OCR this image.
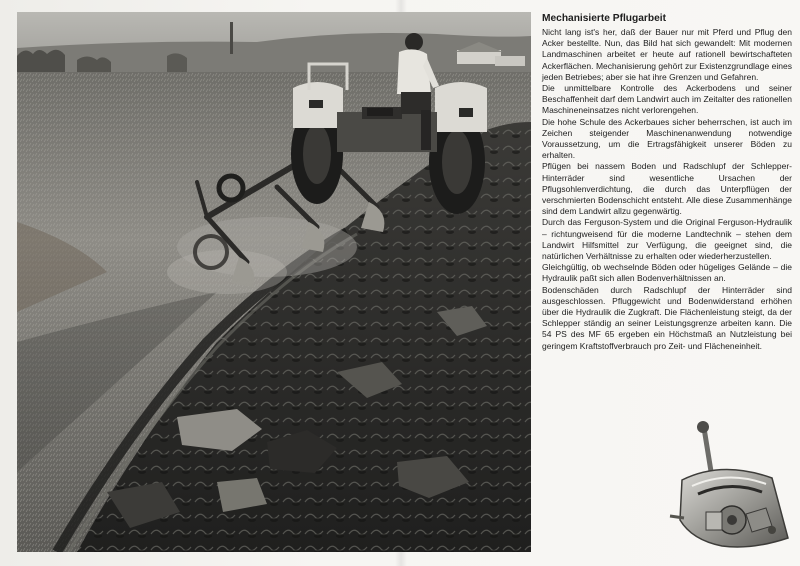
Mechanisierte Pflugarbeit

Nicht lang ist's her, daß der Bauer nur mit Pferd und Pflug den Acker bestellte. Nun, das Bild hat sich gewandelt: Mit modernen Landmaschinen arbeitet er heute auf rationell bewirtschafteten Ackerflächen. Mechanisierung gehört zur Existenzgrundlage eines jeden Betriebes; aber sie hat ihre Grenzen und Gefahren.

Die unmittelbare Kontrolle des Ackerbodens und seiner Beschaffenheit darf dem Landwirt auch im Zeitalter des rationellen Maschineneinsatzes nicht verlorengehen.

Die hohe Schule des Ackerbaues sicher beherrschen, ist auch im Zeichen steigender Maschinenanwendung notwendige Voraussetzung, um die Ertragsfähigkeit unserer Böden zu erhalten.

Pflügen bei nassem Boden und Radschlupf der Schlepper-Hinterräder sind wesentliche Ursachen der Pflugsohlenverdichtung, die durch das Unterpflügen der verschmierten Bodenschicht entsteht. Alle diese Zusammenhänge sind dem Landwirt allzu gegenwärtig.

Durch das Ferguson-System und die Original Ferguson-Hydraulik – richtungweisend für die moderne Landtechnik – stehen dem Landwirt Hilfsmittel zur Verfügung, die geeignet sind, die natürlichen Verhältnisse zu erhalten oder wiederherzustellen.

Gleichgültig, ob wechselnde Böden oder hügeliges Gelände – die Hydraulik paßt sich allen Bodenverhältnissen an.

Bodenschäden durch Radschlupf der Hinterräder sind ausgeschlossen. Pfluggewicht und Bodenwiderstand erhöhen über die Hydraulik die Zugkraft. Die Flächenleistung steigt, da der Schlepper ständig an seiner Leistungsgrenze arbeiten kann. Die 54 PS des MF 65 ergeben ein Höchstmaß an Nutzleistung bei geringem Kraftstoffverbrauch pro Zeit- und Flächeneinheit.
